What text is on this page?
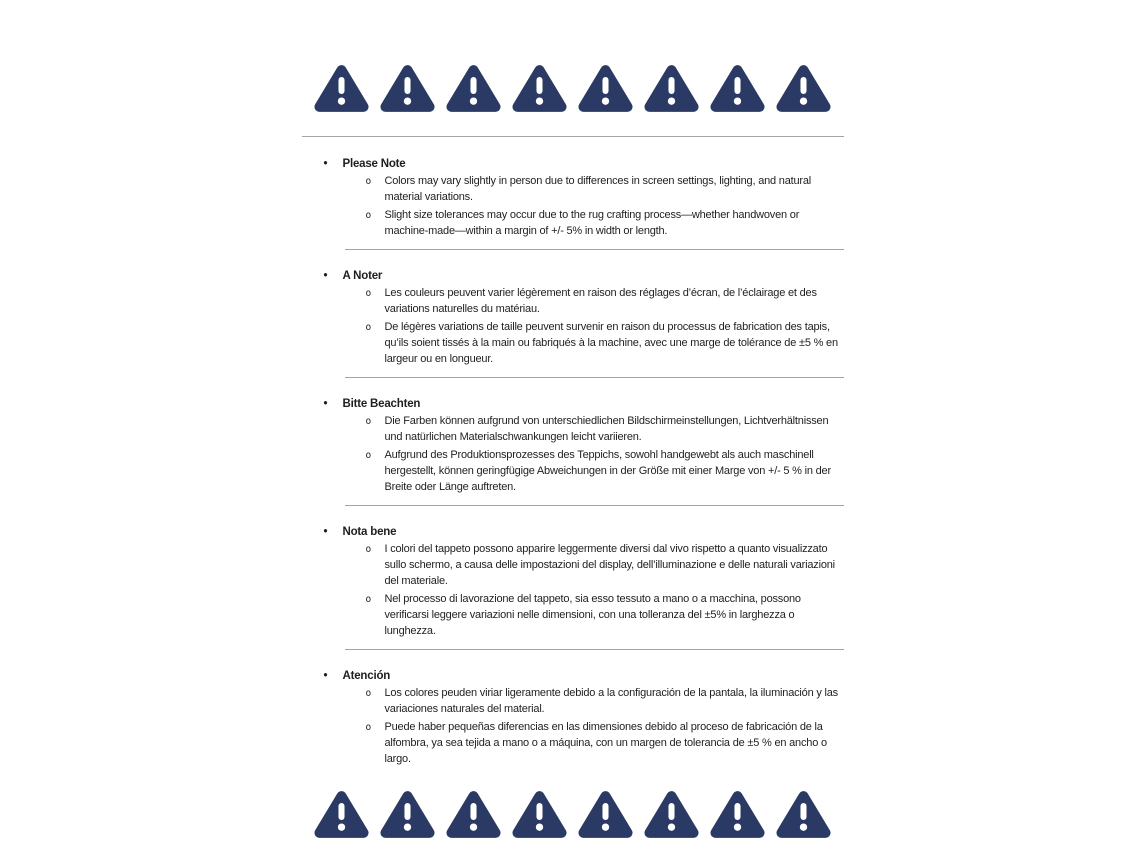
• Please Note
o Colors may vary slightly in person due to differences in screen settings, lighting, and natural material variations.
o Slight size tolerances may occur due to the rug crafting process—whether handwoven or machine-made—within a margin of +/- 5% in width or length.
• A Noter
o Les couleurs peuvent varier légèrement en raison des réglages d’écran, de l’éclairage et des variations naturelles du matériau.
o De légères variations de taille peuvent survenir en raison du processus de fabrication des tapis, qu’ils soient tissés à la main ou fabriqués à la machine, avec une marge de tolérance de ±5 % en largeur ou en longueur.
• Bitte Beachten
o Die Farben können aufgrund von unterschiedlichen Bildschirmeinstellungen, Lichtverhältnissen und natürlichen Materialschwankungen leicht variieren.
o Aufgrund des Produktionsprozesses des Teppichs, sowohl handgewebt als auch maschinell hergestellt, können geringfügige Abweichungen in der Größe mit einer Marge von +/- 5 % in der Breite oder Länge auftreten.
• Nota bene
o I colori del tappeto possono apparire leggermente diversi dal vivo rispetto a quanto visualizzato sullo schermo, a causa delle impostazioni del display, dell’illuminazione e delle naturali variazioni del materiale.
o Nel processo di lavorazione del tappeto, sia esso tessuto a mano o a macchina, possono verificarsi leggere variazioni nelle dimensioni, con una tolleranza del ±5% in larghezza o lunghezza.
• Atención
o Los colores peuden viriar ligeramente debido a la configuración de la pantala, la iluminación y las variaciones naturales del material.
o Puede haber pequeñas diferencias en las dimensiones debido al proceso de fabricación de la alfombra, ya sea tejida a mano o a máquina, con un margen de tolerancia de ±5 % en ancho o largo.
